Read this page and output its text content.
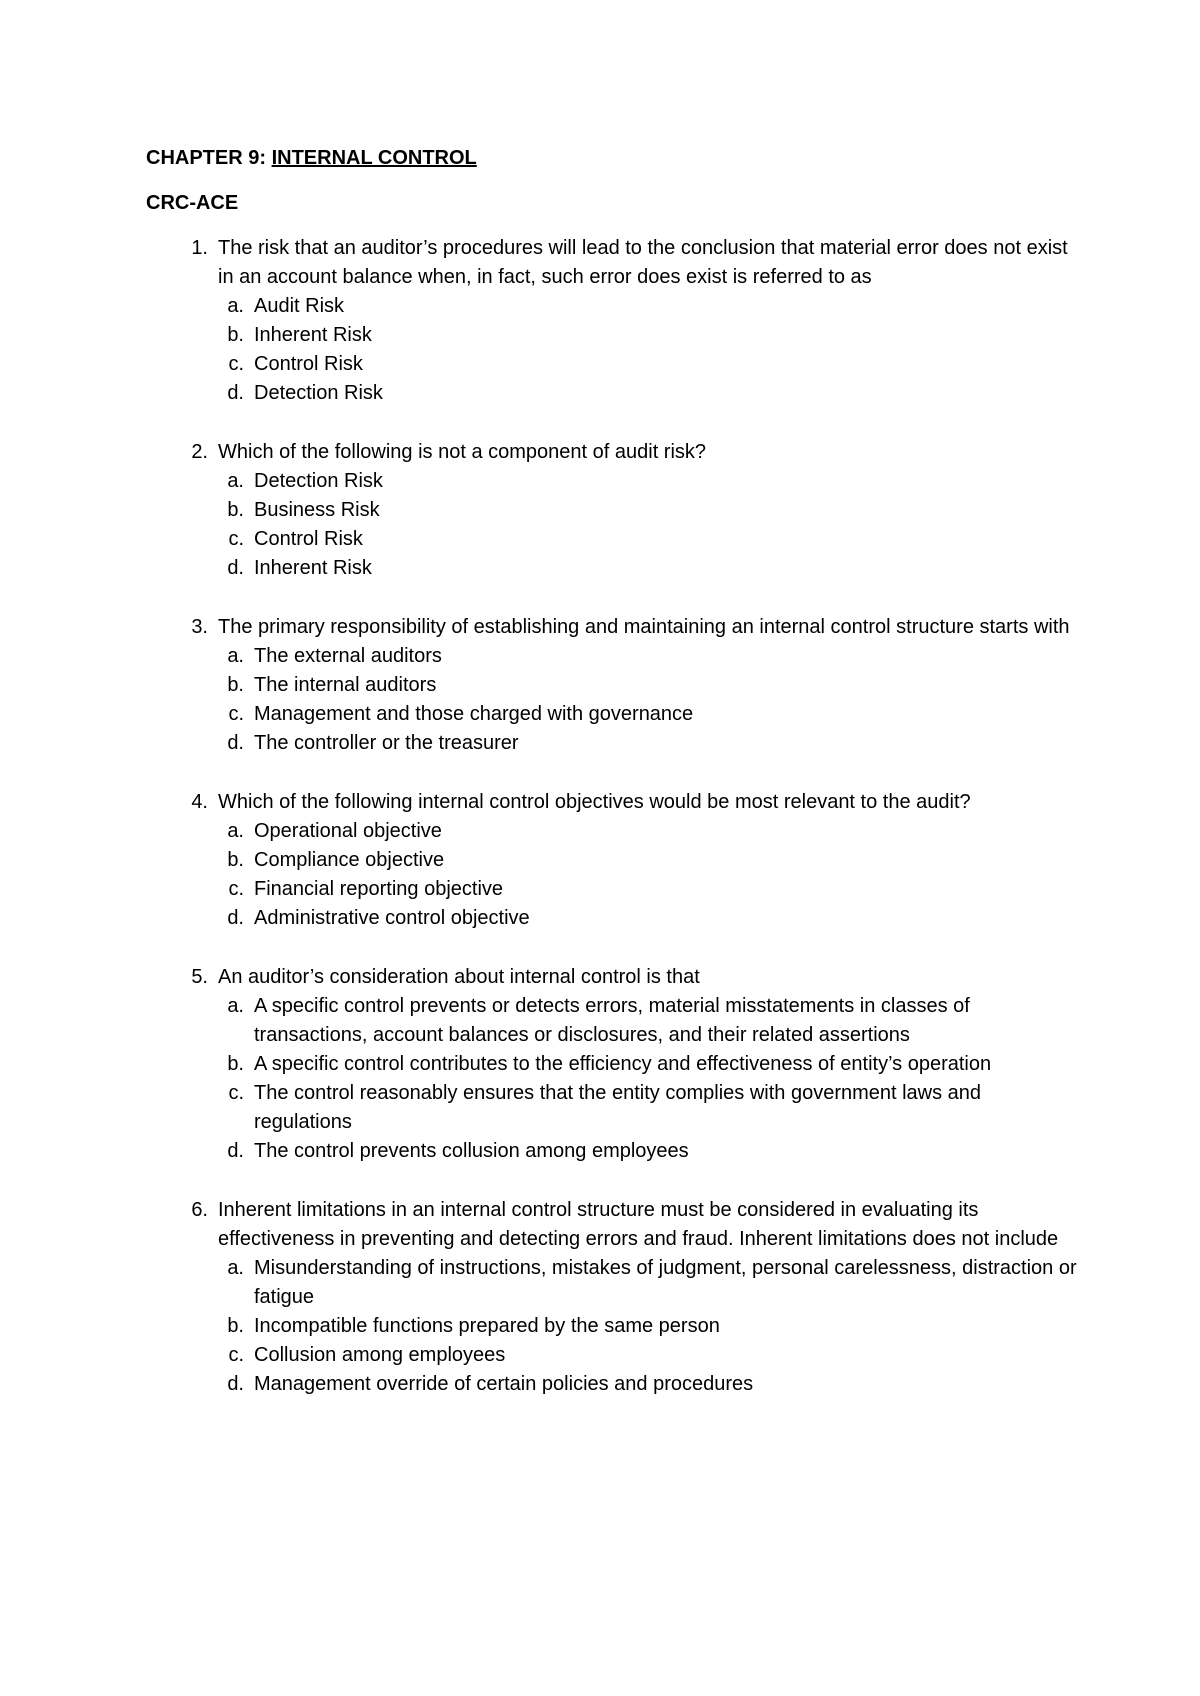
CHAPTER 9: INTERNAL CONTROL

CRC-ACE

1. The risk that an auditor’s procedures will lead to the conclusion that material error does not exist in an account balance when, in fact, such error does exist is referred to as
a. Audit Risk
b. Inherent Risk
c. Control Risk
d. Detection Risk
2. Which of the following is not a component of audit risk?
a. Detection Risk
b. Business Risk
c. Control Risk
d. Inherent Risk
3. The primary responsibility of establishing and maintaining an internal control structure starts with
a. The external auditors
b. The internal auditors
c. Management and those charged with governance
d. The controller or the treasurer
4. Which of the following internal control objectives would be most relevant to the audit?
a. Operational objective
b. Compliance objective
c. Financial reporting objective
d. Administrative control objective
5. An auditor’s consideration about internal control is that
a. A specific control prevents or detects errors, material misstatements in classes of transactions, account balances or disclosures, and their related assertions
b. A specific control contributes to the efficiency and effectiveness of entity’s operation
c. The control reasonably ensures that the entity complies with government laws and regulations
d. The control prevents collusion among employees
6. Inherent limitations in an internal control structure must be considered in evaluating its effectiveness in preventing and detecting errors and fraud. Inherent limitations does not include
a. Misunderstanding of instructions, mistakes of judgment, personal carelessness, distraction or fatigue
b. Incompatible functions prepared by the same person
c. Collusion among employees
d. Management override of certain policies and procedures
